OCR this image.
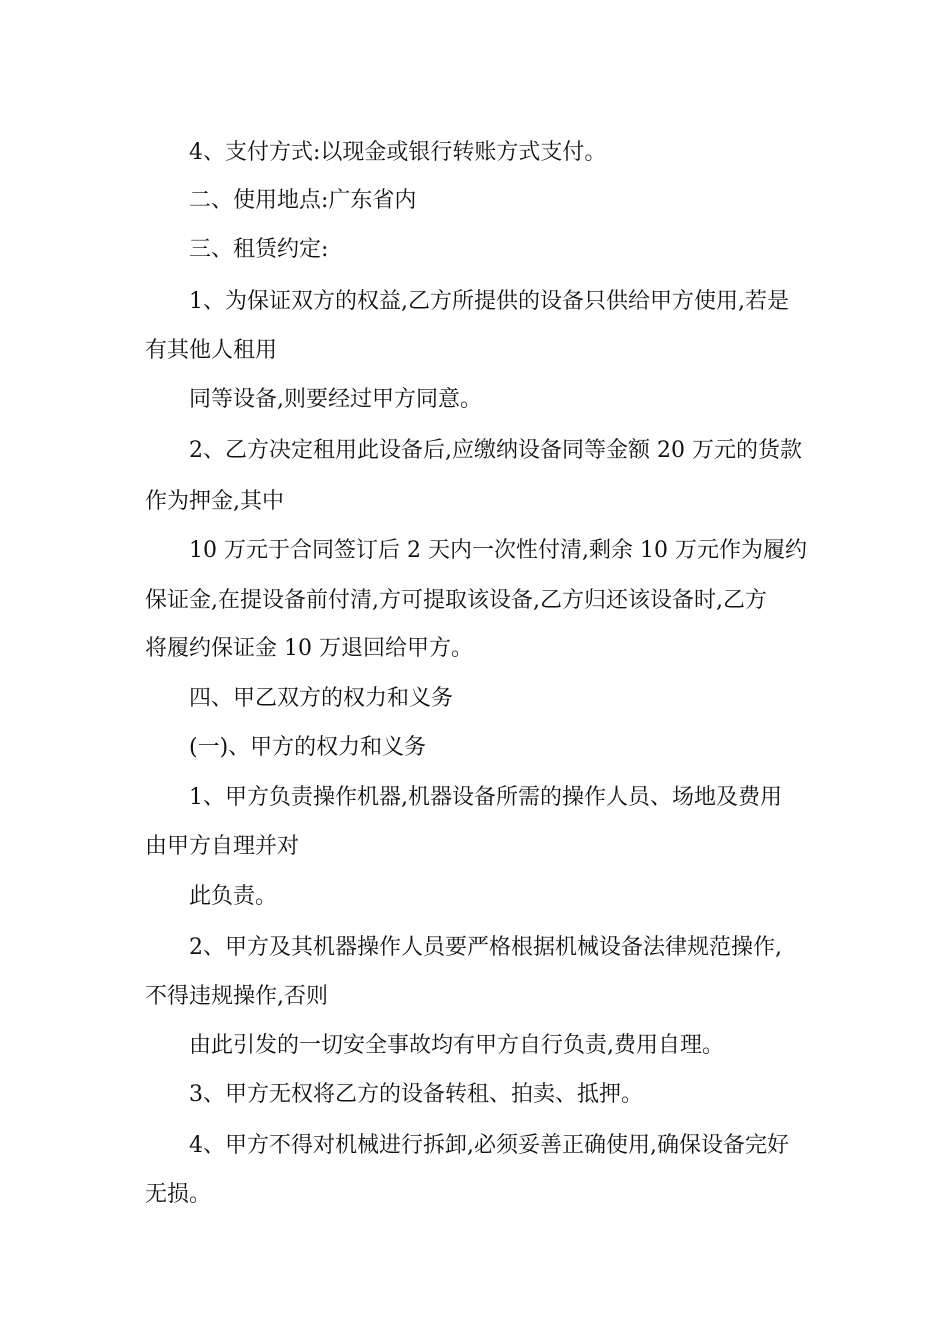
4、支付方式:以现金或银行转账方式支付。
二、使用地点:广东省内
三、租赁约定:
1、为保证双方的权益,乙方所提供的设备只供给甲方使用,若是
有其他人租用
同等设备,则要经过甲方同意。
2、乙方决定租用此设备后,应缴纳设备同等金额 20 万元的货款
作为押金,其中
10 万元于合同签订后 2 天内一次性付清,剩余 10 万元作为履约
保证金,在提设备前付清,方可提取该设备,乙方归还该设备时,乙方
将履约保证金 10 万退回给甲方。
四、甲乙双方的权力和义务
(一)、甲方的权力和义务
1、甲方负责操作机器,机器设备所需的操作人员、场地及费用
由甲方自理并对
此负责。
2、甲方及其机器操作人员要严格根据机械设备法律规范操作,
不得违规操作,否则
由此引发的一切安全事故均有甲方自行负责,费用自理。
3、甲方无权将乙方的设备转租、拍卖、抵押。
4、甲方不得对机械进行拆卸,必须妥善正确使用,确保设备完好
无损。
